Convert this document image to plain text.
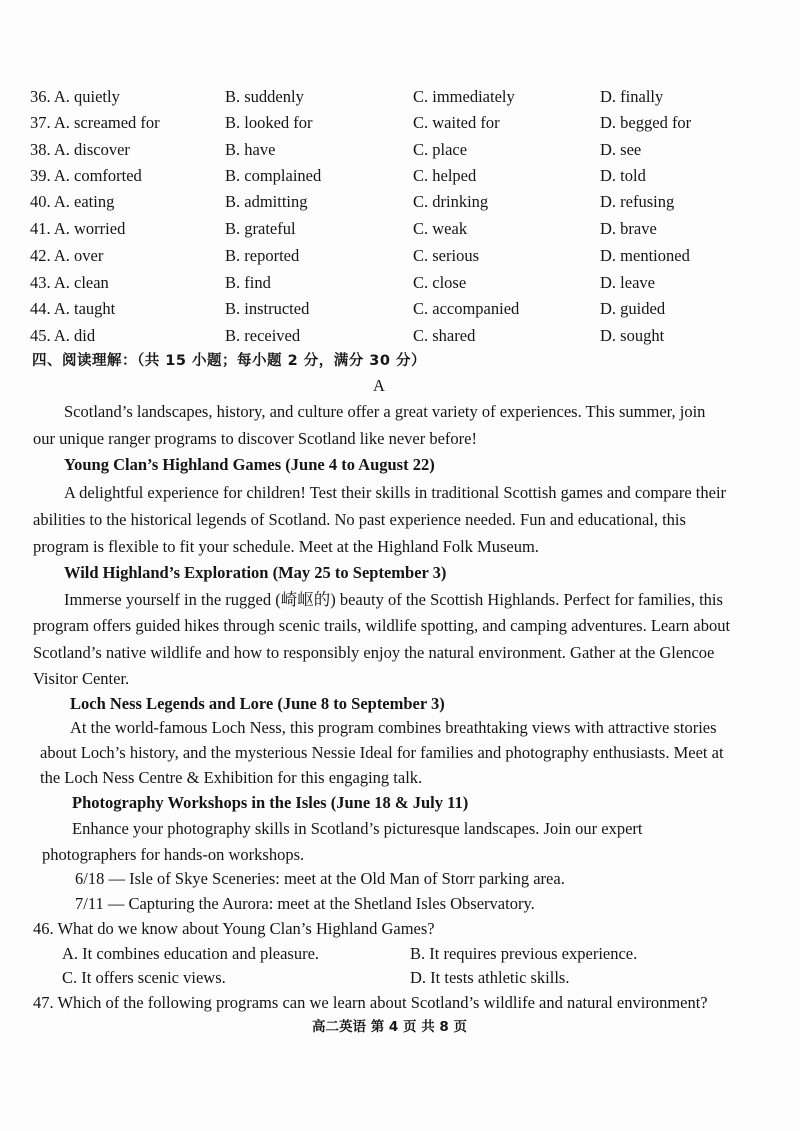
36. A. quietly	B. suddenly	C. immediately	D. finally
37. A. screamed for	B. looked for	C. waited for	D. begged for
38. A. discover	B. have	C. place	D. see
39. A. comforted	B. complained	C. helped	D. told
40. A. eating	B. admitting	C. drinking	D. refusing
41. A. worried	B. grateful	C. weak	D. brave
42. A. over	B. reported	C. serious	D. mentioned
43. A. clean	B. find	C. close	D. leave
44. A. taught	B. instructed	C. accompanied	D. guided
45. A. did	B. received	C. shared	D. sought
四、阅读理解：（共 15 小题；每小题 2 分，满分 30 分）
A
Scotland’s landscapes, history, and culture offer a great variety of experiences. This summer, join
our unique ranger programs to discover Scotland like never before!
Young Clan’s Highland Games (June 4 to August 22)
A delightful experience for children! Test their skills in traditional Scottish games and compare their
abilities to the historical legends of Scotland. No past experience needed. Fun and educational, this
program is flexible to fit your schedule. Meet at the Highland Folk Museum.
Wild Highland’s Exploration (May 25 to September 3)
Immerse yourself in the rugged (崎岖的) beauty of the Scottish Highlands. Perfect for families, this
program offers guided hikes through scenic trails, wildlife spotting, and camping adventures. Learn about
Scotland’s native wildlife and how to responsibly enjoy the natural environment. Gather at the Glencoe
Visitor Center.
Loch Ness Legends and Lore (June 8 to September 3)
At the world-famous Loch Ness, this program combines breathtaking views with attractive stories
about Loch’s history, and the mysterious Nessie Ideal for families and photography enthusiasts. Meet at
the Loch Ness Centre & Exhibition for this engaging talk.
Photography Workshops in the Isles (June 18 & July 11)
Enhance your photography skills in Scotland’s picturesque landscapes. Join our expert
photographers for hands-on workshops.
6/18 — Isle of Skye Sceneries: meet at the Old Man of Storr parking area.
7/11 — Capturing the Aurora: meet at the Shetland Isles Observatory.
46. What do we know about Young Clan’s Highland Games?
A. It combines education and pleasure.	B. It requires previous experience.
C. It offers scenic views.	D. It tests athletic skills.
47. Which of the following programs can we learn about Scotland’s wildlife and natural environment?
高二英语 第 4 页 共 8 页
